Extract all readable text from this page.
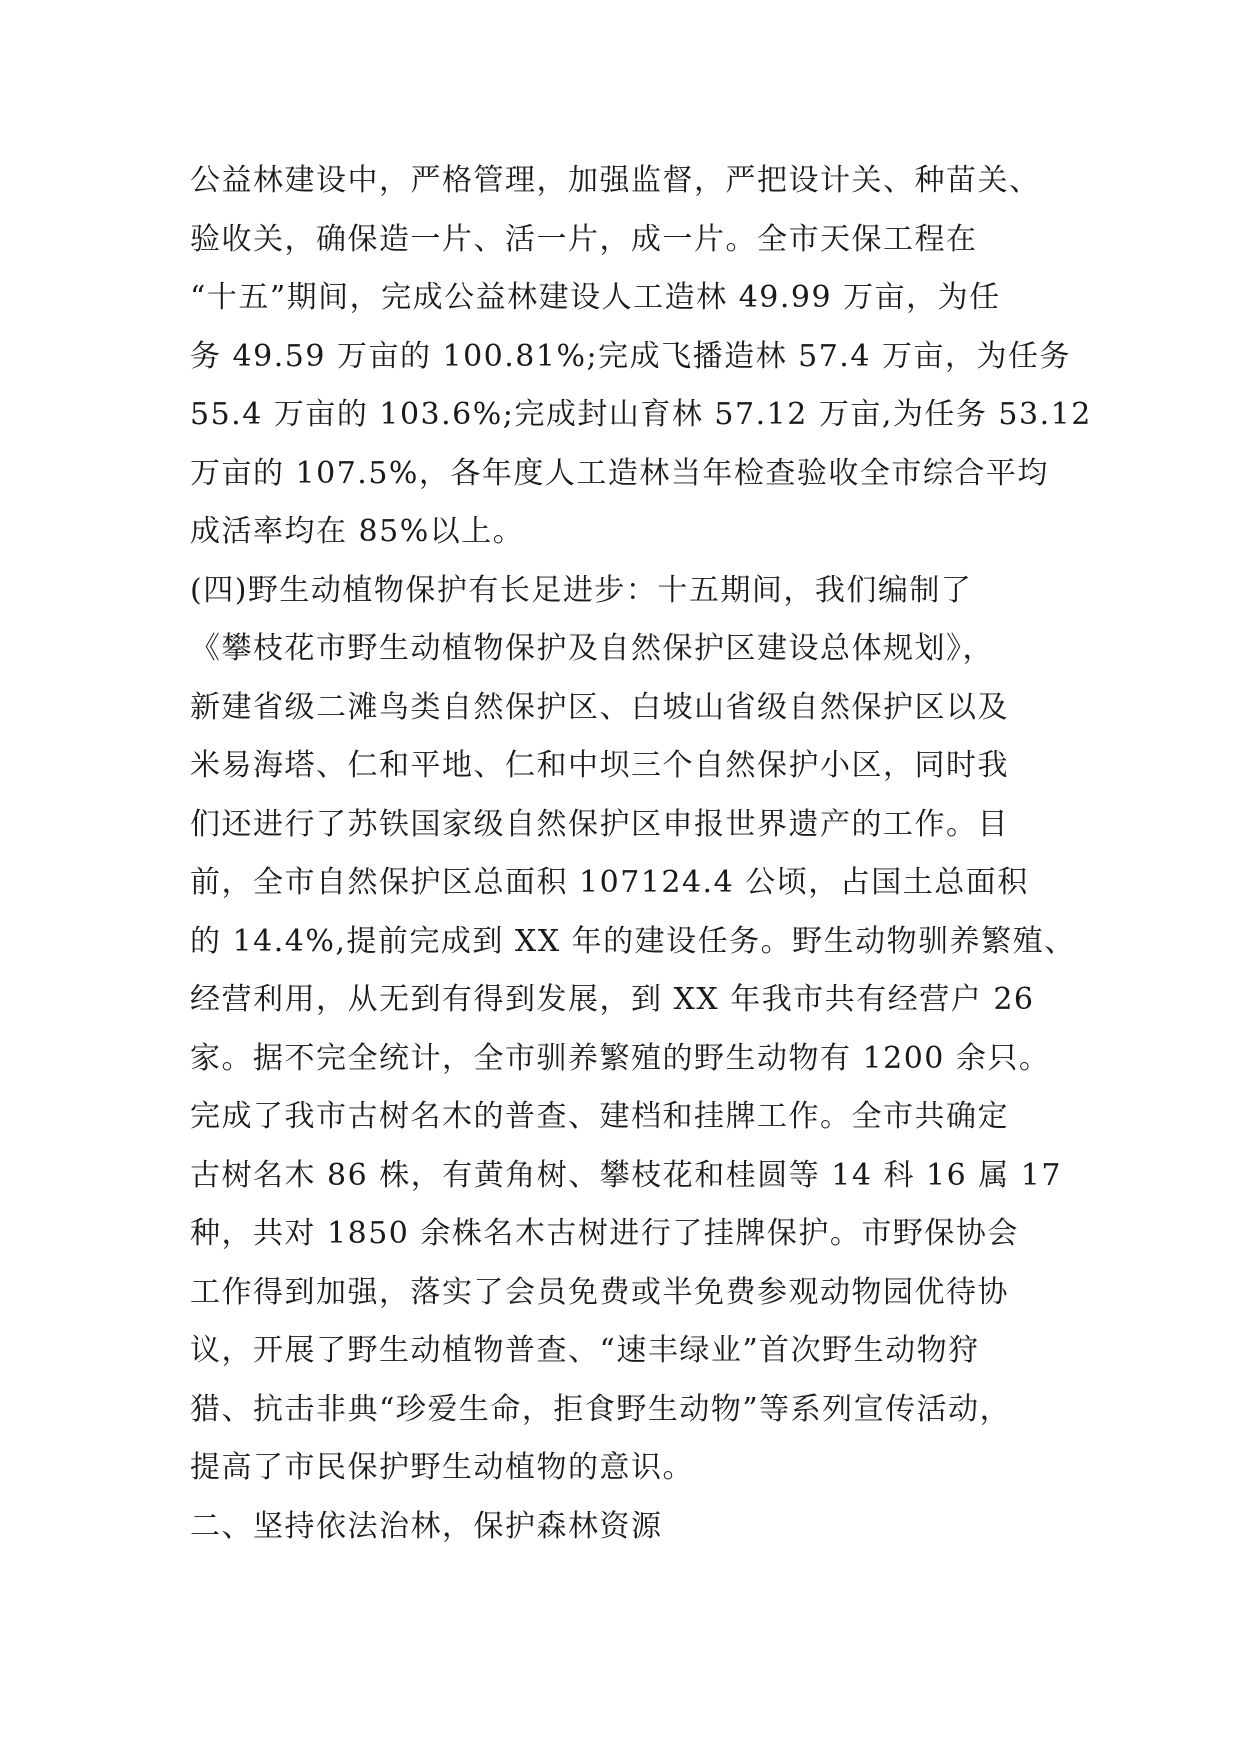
公益林建设中，严格管理，加强监督，严把设计关、种苗关、
验收关，确保造一片、活一片，成一片。全市天保工程在
“十五”期间，完成公益林建设人工造林 49.99 万亩，为任
务 49.59 万亩的 100.81%;完成飞播造林 57.4 万亩，为任务
55.4 万亩的 103.6%;完成封山育林 57.12 万亩,为任务 53.12
万亩的 107.5%，各年度人工造林当年检查验收全市综合平均
成活率均在 85%以上。
(四)野生动植物保护有长足进步：十五期间，我们编制了
《攀枝花市野生动植物保护及自然保护区建设总体规划》，
新建省级二滩鸟类自然保护区、白坡山省级自然保护区以及
米易海塔、仁和平地、仁和中坝三个自然保护小区，同时我
们还进行了苏铁国家级自然保护区申报世界遗产的工作。目
前，全市自然保护区总面积 107124.4 公顷，占国土总面积
的 14.4%,提前完成到 XX 年的建设任务。野生动物驯养繁殖、
经营利用，从无到有得到发展，到 XX 年我市共有经营户 26
家。据不完全统计，全市驯养繁殖的野生动物有 1200 余只。
完成了我市古树名木的普查、建档和挂牌工作。全市共确定
古树名木 86 株，有黄角树、攀枝花和桂圆等 14 科 16 属 17
种，共对 1850 余株名木古树进行了挂牌保护。市野保协会
工作得到加强，落实了会员免费或半免费参观动物园优待协
议，开展了野生动植物普查、“速丰绿业”首次野生动物狩
猎、抗击非典“珍爱生命，拒食野生动物”等系列宣传活动，
提高了市民保护野生动植物的意识。
二、坚持依法治林，保护森林资源
